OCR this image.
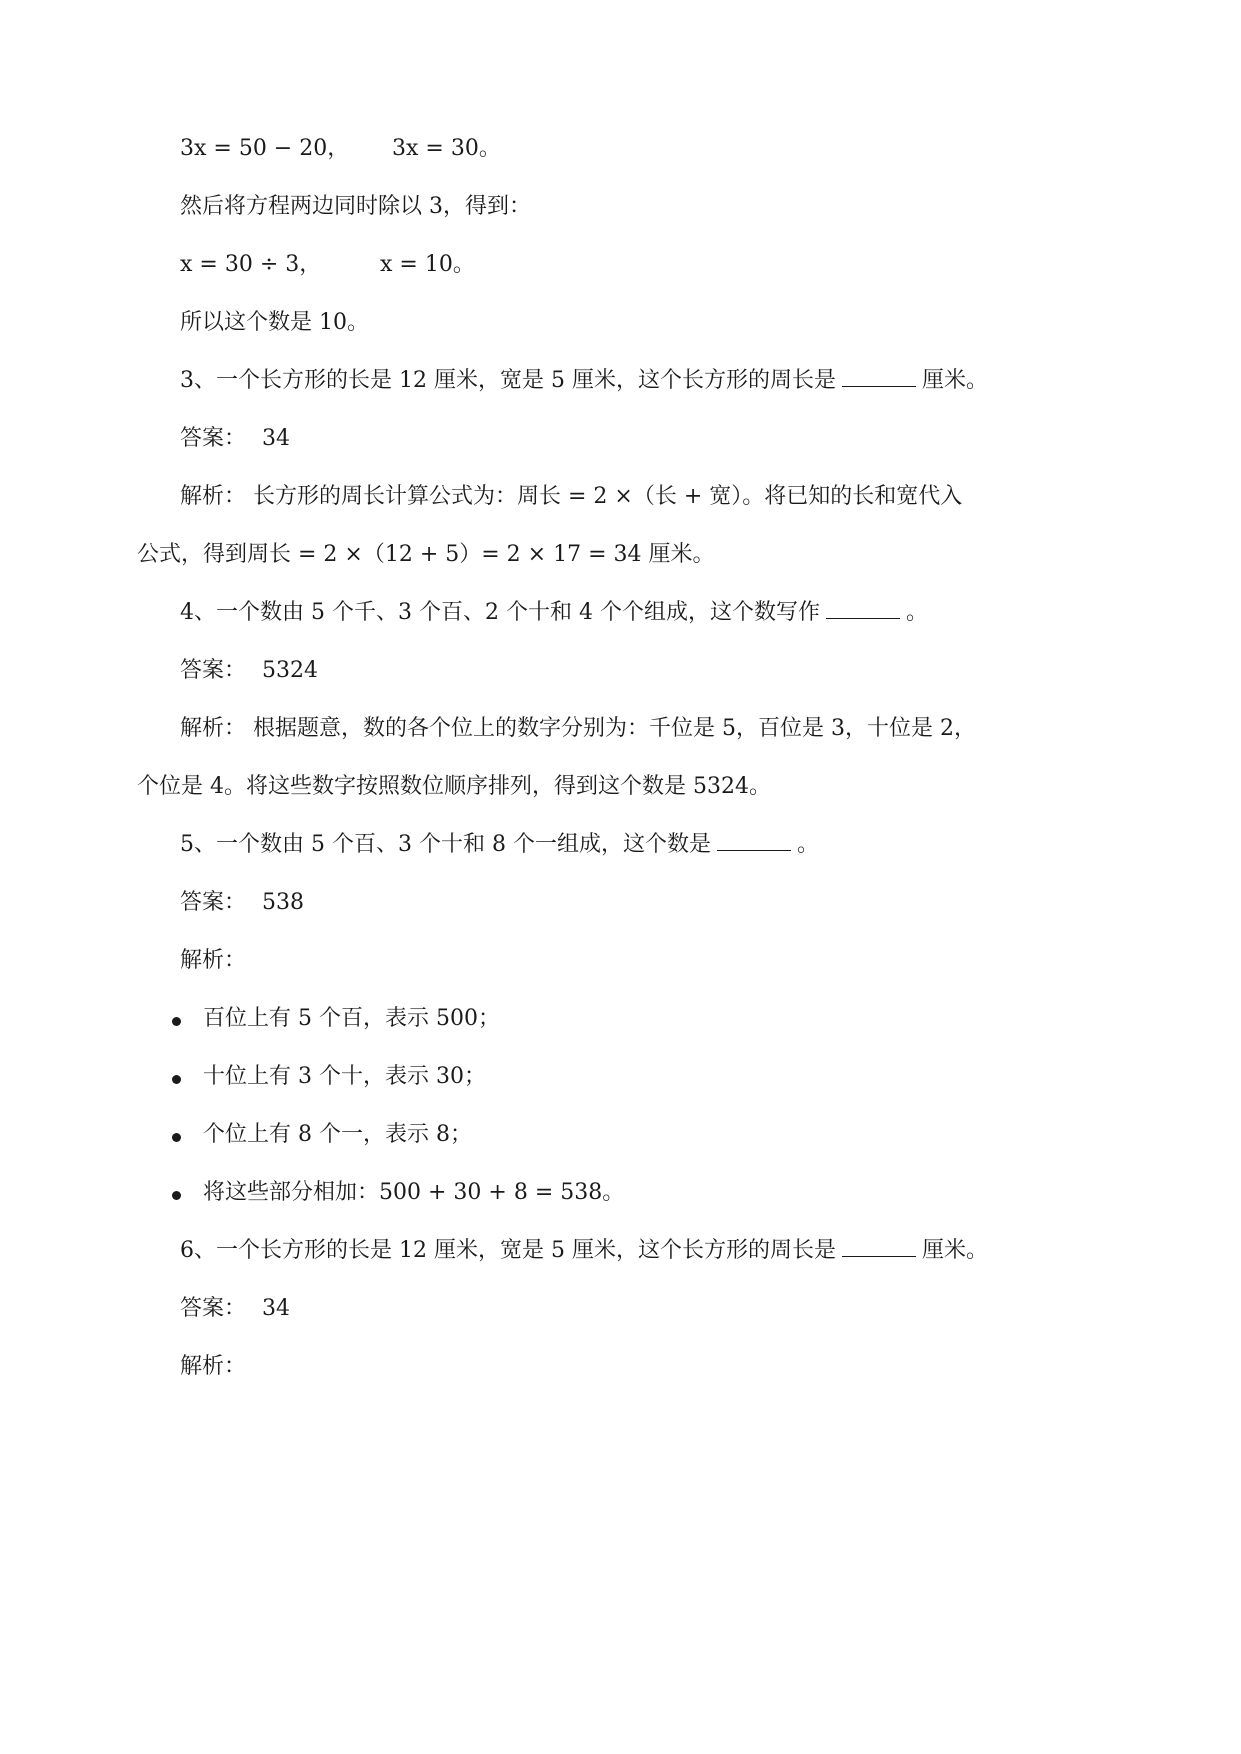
3x = 50 − 20， 3x = 30。
然后将方程两边同时除以 3，得到：
x = 30 ÷ 3，	x = 10。
所以这个数是 10。
3、一个长方形的长是 12 厘米，宽是 5 厘米，这个长方形的周长是	厘米。
答案： 34
解析： 长方形的周长计算公式为：周长 = 2 ×（长 + 宽）。将已知的长和宽代入
公式，得到周长 = 2 ×（12 + 5）= 2 × 17 = 34 厘米。
4、一个数由 5 个千、3 个百、2 个十和 4 个个组成，这个数写作	。
答案： 5324
解析： 根据题意，数的各个位上的数字分别为：千位是 5，百位是 3，十位是 2，
个位是 4。将这些数字按照数位顺序排列，得到这个数是 5324。
5、一个数由 5 个百、3 个十和 8 个一组成，这个数是	。
答案： 538
解析：
百位上有 5 个百，表示 500；
十位上有 3 个十，表示 30；
个位上有 8 个一，表示 8；
将这些部分相加：500 + 30 + 8 = 538。
6、一个长方形的长是 12 厘米，宽是 5 厘米，这个长方形的周长是	厘米。
答案： 34
解析：
